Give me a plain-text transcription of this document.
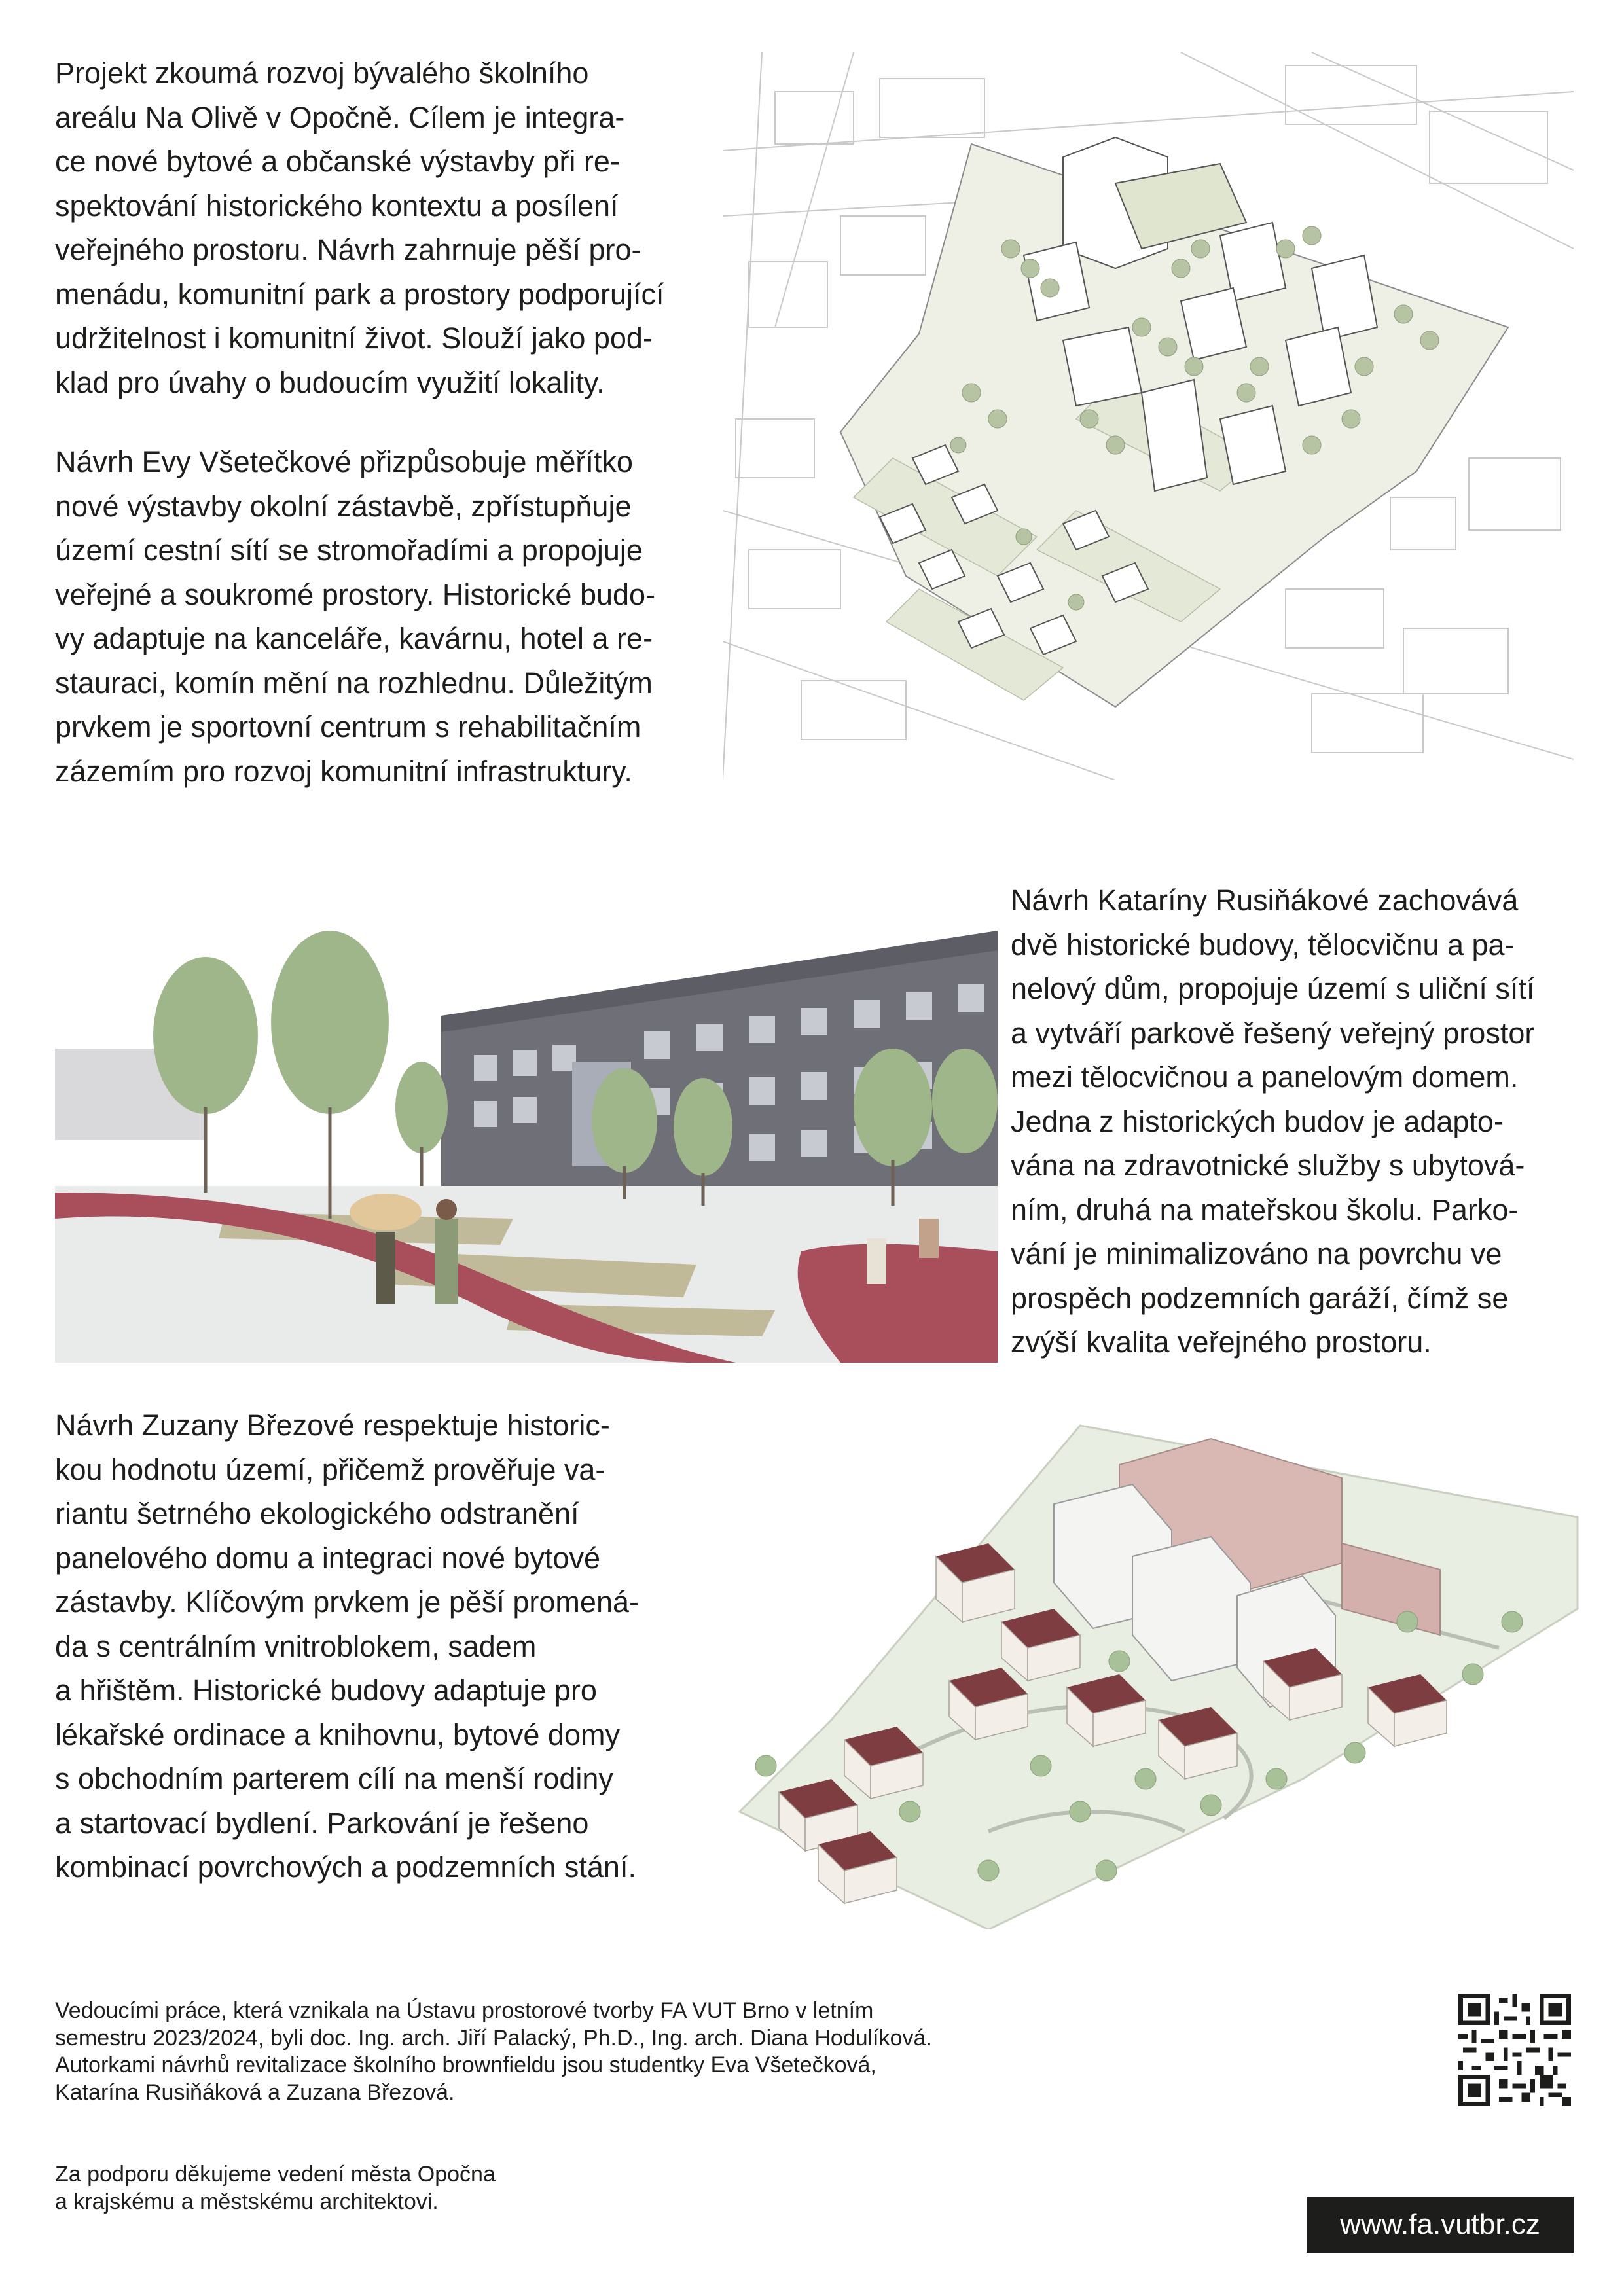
Projekt zkoumá rozvoj bývalého školního
areálu Na Olivě v Opočně. Cílem je integra-
ce nové bytové a občanské výstavby při re-
spektování historického kontextu a posílení
veřejného prostoru. Návrh zahrnuje pěší pro-
menádu, komunitní park a prostory podporující
udržitelnost i komunitní život. Slouží jako pod-
klad pro úvahy o budoucím využití lokality.

Návrh Evy Všetečkové přizpůsobuje měřítko
nové výstavby okolní zástavbě, zpřístupňuje
území cestní sítí se stromořadími a propojuje
veřejné a soukromé prostory. Historické budo-
vy adaptuje na kanceláře, kavárnu, hotel a re-
stauraci, komín mění na rozhlednu. Důležitým
prvkem je sportovní centrum s rehabilitačním
zázemím pro rozvoj komunitní infrastruktury.

Návrh Kataríny Rusiňákové zachovává
dvě historické budovy, tělocvičnu a pa-
nelový dům, propojuje území s uliční sítí
a vytváří parkově řešený veřejný prostor
mezi tělocvičnou a panelovým domem.
Jedna z historických budov je adapto-
vána na zdravotnické služby s ubytová-
ním, druhá na mateřskou školu. Parko-
vání je minimalizováno na povrchu ve
prospěch podzemních garáží, čímž se
zvýší kvalita veřejného prostoru.

Návrh Zuzany Březové respektuje historic-
kou hodnotu území, přičemž prověřuje va-
riantu šetrného ekologického odstranění
panelového domu a integraci nové bytové
zástavby. Klíčovým prvkem je pěší promená-
da s centrálním vnitroblokem, sadem
a hřištěm. Historické budovy adaptuje pro
lékařské ordinace a knihovnu, bytové domy
s obchodním parterem cílí na menší rodiny
a startovací bydlení. Parkování je řešeno
kombinací povrchových a podzemních stání.

Vedoucími práce, která vznikala na Ústavu prostorové tvorby FA VUT Brno v letním
semestru 2023/2024, byli doc. Ing. arch. Jiří Palacký, Ph.D., Ing. arch. Diana Hodulíková.
Autorkami návrhů revitalizace školního brownfieldu jsou studentky Eva Všetečková,
Katarína Rusiňáková a Zuzana Březová.

Za podporu děkujeme vedení města Opočna
a krajskému a městskému architektovi.

www.fa.vutbr.cz
